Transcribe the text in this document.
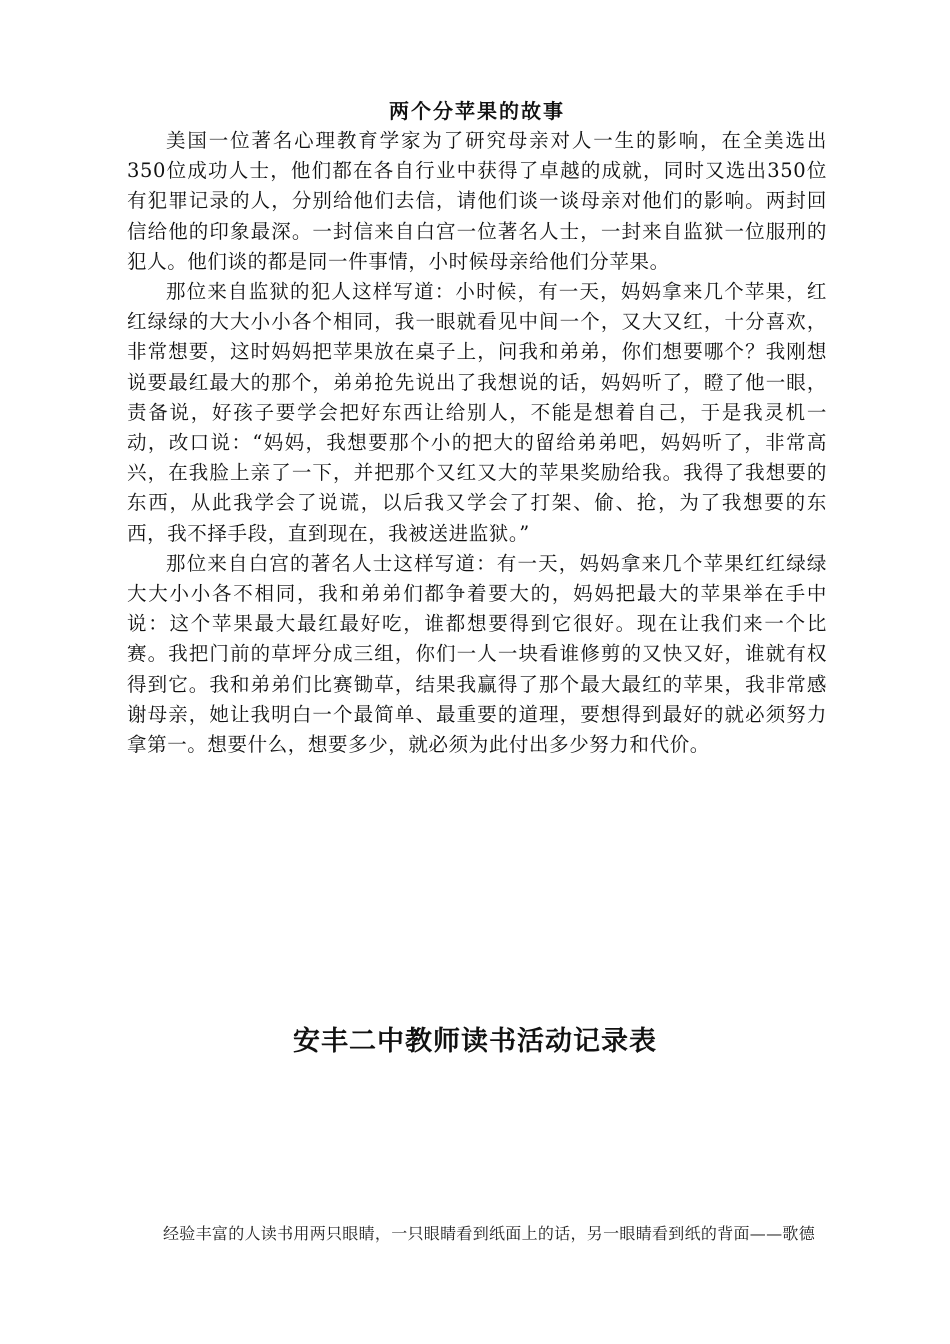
两个分苹果的故事

美国一位著名心理教育学家为了研究母亲对人一生的影响，在全美选出350位成功人士，他们都在各自行业中获得了卓越的成就，同时又选出350位有犯罪记录的人，分别给他们去信，请他们谈一谈母亲对他们的影响。两封回信给他的印象最深。一封信来自白宫一位著名人士，一封来自监狱一位服刑的犯人。他们谈的都是同一件事情，小时候母亲给他们分苹果。

那位来自监狱的犯人这样写道：小时候，有一天，妈妈拿来几个苹果，红红绿绿的大大小小各个相同，我一眼就看见中间一个，又大又红，十分喜欢，非常想要，这时妈妈把苹果放在桌子上，问我和弟弟，你们想要哪个？我刚想说要最红最大的那个，弟弟抢先说出了我想说的话，妈妈听了，瞪了他一眼，责备说，好孩子要学会把好东西让给别人，不能是想着自己，于是我灵机一动，改口说：“妈妈，我想要那个小的把大的留给弟弟吧，妈妈听了，非常高兴，在我脸上亲了一下，并把那个又红又大的苹果奖励给我。我得了我想要的东西，从此我学会了说谎，以后我又学会了打架、偷、抢，为了我想要的东西，我不择手段，直到现在，我被送进监狱。”

那位来自白宫的著名人士这样写道：有一天，妈妈拿来几个苹果红红绿绿大大小小各不相同，我和弟弟们都争着要大的，妈妈把最大的苹果举在手中说：这个苹果最大最红最好吃，谁都想要得到它很好。现在让我们来一个比赛。我把门前的草坪分成三组，你们一人一块看谁修剪的又快又好，谁就有权得到它。我和弟弟们比赛锄草，结果我赢得了那个最大最红的苹果，我非常感谢母亲，她让我明白一个最简单、最重要的道理，要想得到最好的就必须努力拿第一。想要什么，想要多少，就必须为此付出多少努力和代价。

安丰二中教师读书活动记录表
经验丰富的人读书用两只眼睛，一只眼睛看到纸面上的话，另一眼睛看到纸的背面——歌德
